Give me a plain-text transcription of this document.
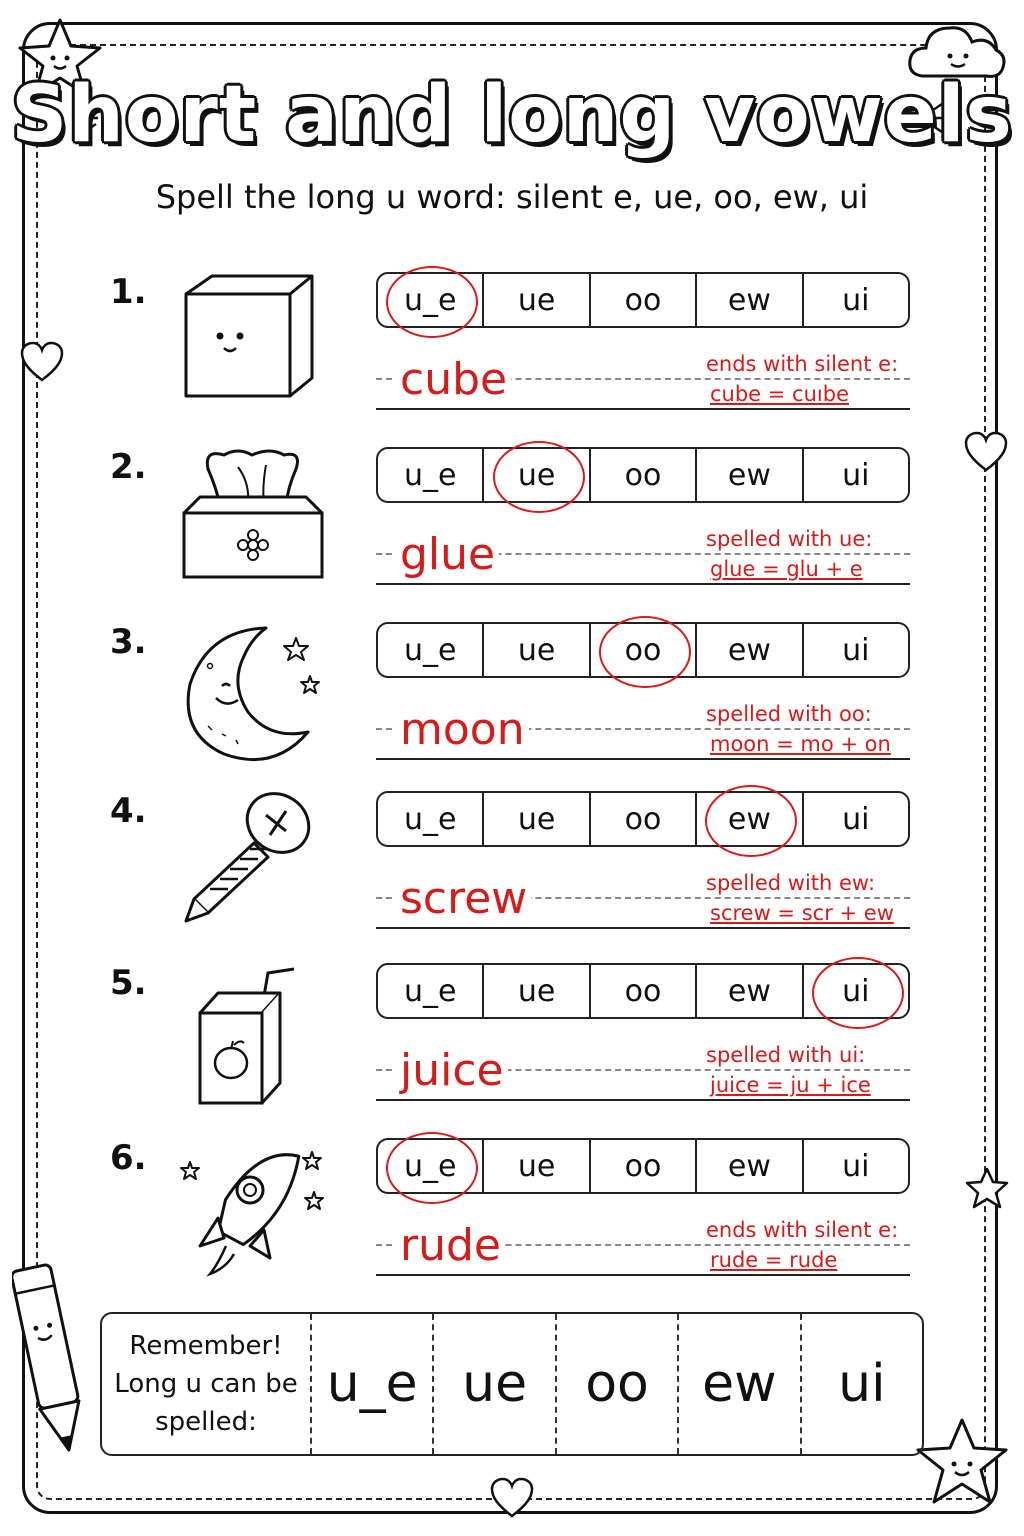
Short and long vowels
Spell the long u word: silent e, ue, oo, ew, ui
1.	u_e	ue	oo	ew	ui
cube	ends with silent e:
cube = cuıbe
2.	u_e	ue	oo	ew	ui
glue	spelled with ue:
glue = glu + e
3.	u_e	ue	oo	ew	ui
moon	spelled with oo:
moon = mo + on
4.	u_e	ue	oo	ew	ui
screw	spelled with ew:
screw = scr + ew
5.	u_e	ue	oo	ew	ui
juice	spelled with ui:
juice = ju + ice
6.	u_e	ue	oo	ew	ui
rude	ends with silent e:
rude = rude
Remember!
Long u can be
spelled:
u_e ue	oo	ew	ui
